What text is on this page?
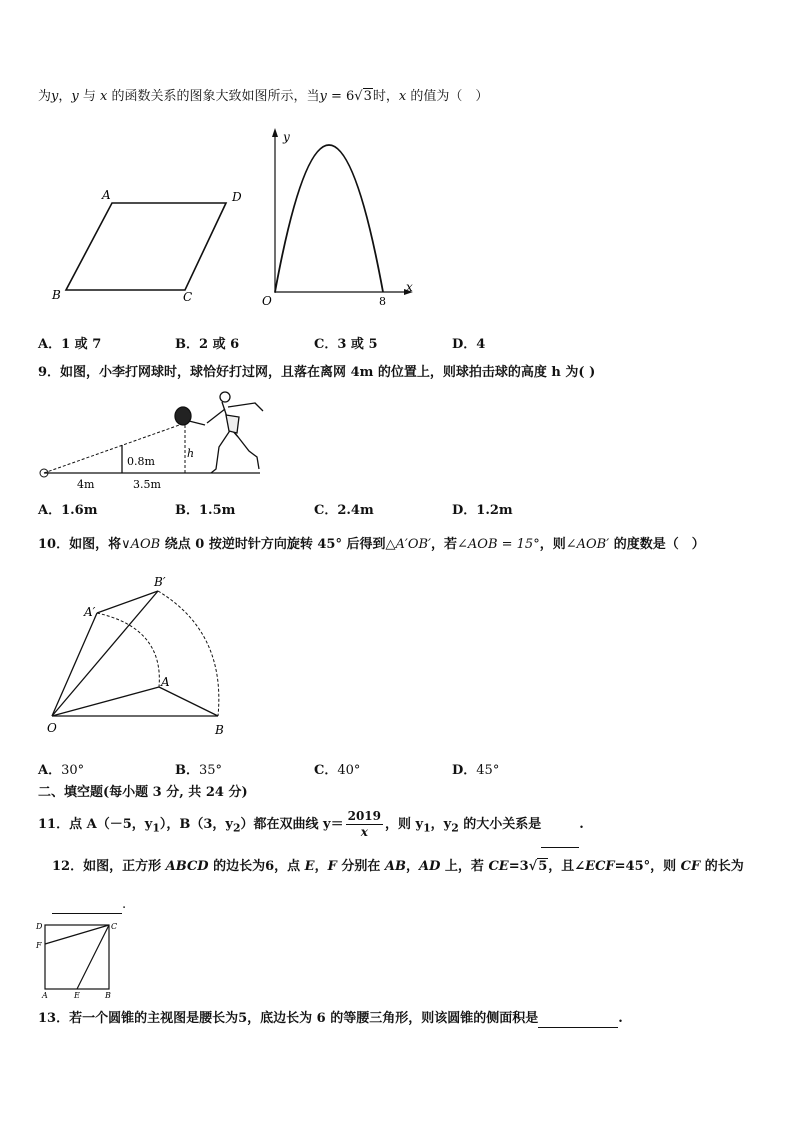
为y，y 与 x 的函数关系的图象大致如图所示，当y = 6√3时，x 的值为（　）
A	D
B	C
y
x
O	8
A．1 或 7	B．2 或 6	C．3 或 5	D．4
9．如图，小李打网球时，球恰好打过网，且落在离网 4m 的位置上，则球拍击球的高度 h 为( )
0.8m
h
4m	3.5m
A．1.6m	B．1.5m	C．2.4m	D．1.2m
10．如图，将∨AOB 绕点 0 按逆时针方向旋转 45° 后得到△A′OB′，若∠AOB = 15°，则∠AOB′ 的度数是（　）
B′
A′
A
O	B
A．30°	B．35°	C．40°	D．45°
二、填空题(每小题 3 分, 共 24 分)
11．点 A（－5，$y_1$），B（3，$y_2$）都在双曲线 $y= \frac{2019}{x}$ ，则 $y_1$，$y_2$ 的大小关系是	.
12．如图，正方形 ABCD 的边长为6，点 E，F 分别在 AB，AD 上，若 CE=3√5，且∠ECF=45°，则 CF 的长为
.
D	C
F
A	E	B
13．若一个圆锥的主视图是腰长为5，底边长为 6 的等腰三角形，则该圆锥的侧面积是	.
